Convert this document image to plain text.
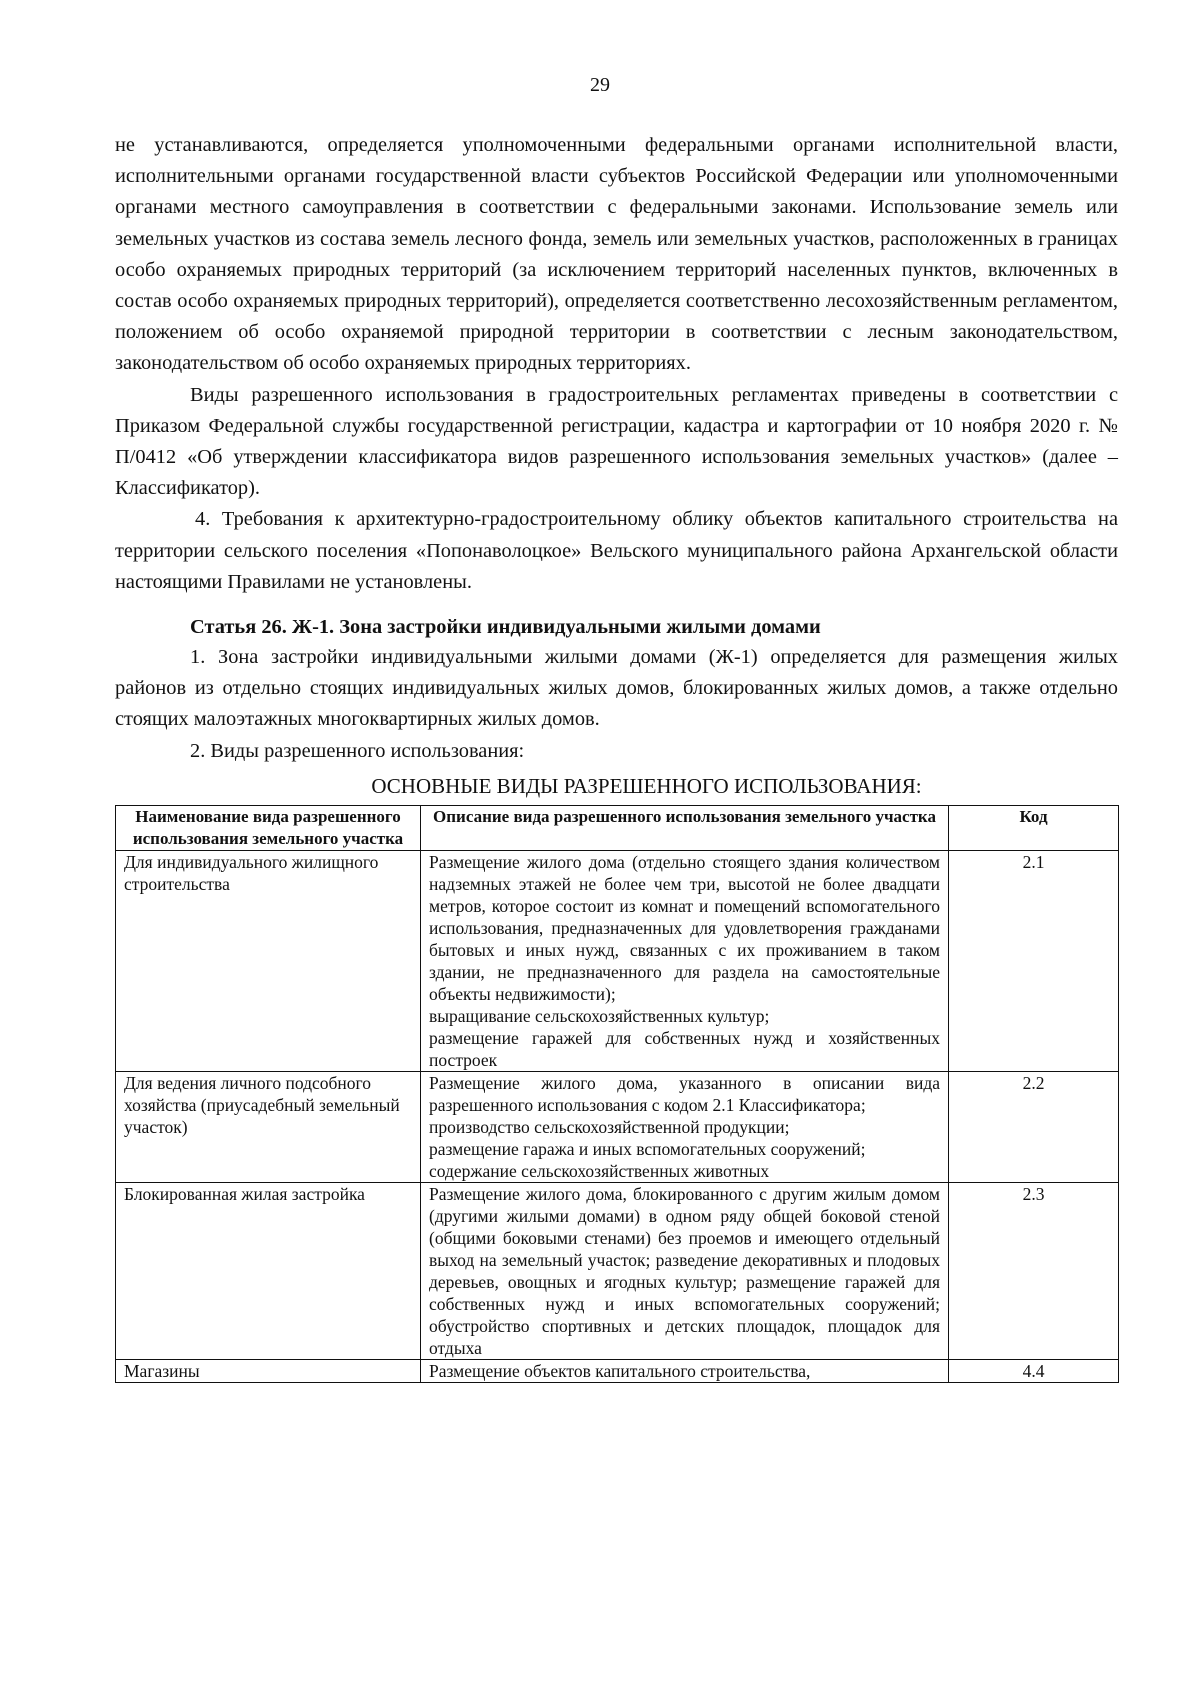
29

не устанавливаются, определяется уполномоченными федеральными органами исполнительной власти, исполнительными органами государственной власти субъектов Российской Федерации или уполномоченными органами местного самоуправления в соответствии с федеральными законами. Использование земель или земельных участков из состава земель лесного фонда, земель или земельных участков, расположенных в границах особо охраняемых природных территорий (за исключением территорий населенных пунктов, включенных в состав особо охраняемых природных территорий), определяется соответственно лесохозяйственным регламентом, положением об особо охраняемой природной территории в соответствии с лесным законодательством, законодательством об особо охраняемых природных территориях.

Виды разрешенного использования в градостроительных регламентах приведены в соответствии с Приказом Федеральной службы государственной регистрации, кадастра и картографии от 10 ноября 2020 г. № П/0412 «Об утверждении классификатора видов разрешенного использования земельных участков» (далее – Классификатор).

4. Требования к архитектурно-градостроительному облику объектов капитального строительства на территории сельского поселения «Попонаволоцкое» Вельского муниципального района Архангельской области настоящими Правилами не установлены.

Статья 26. Ж-1. Зона застройки индивидуальными жилыми домами

1. Зона застройки индивидуальными жилыми домами (Ж-1) определяется для размещения жилых районов из отдельно стоящих индивидуальных жилых домов, блокированных жилых домов, а также отдельно стоящих малоэтажных многоквартирных жилых домов.

2. Виды разрешенного использования:

ОСНОВНЫЕ ВИДЫ РАЗРЕШЕННОГО ИСПОЛЬЗОВАНИЯ:
Наименование вида разрешенного использования земельного участка	Описание вида разрешенного использования земельного участка	Код
Для индивидуального жилищного строительства	Размещение жилого дома (отдельно стоящего здания количеством надземных этажей не более чем три, высотой не более двадцати метров, которое состоит из комнат и помещений вспомогательного использования, предназначенных для удовлетворения гражданами бытовых и иных нужд, связанных с их проживанием в таком здании, не предназначенного для раздела на самостоятельные объекты недвижимости);
выращивание сельскохозяйственных культур;
размещение гаражей для собственных нужд и хозяйственных построек	2.1
Для ведения личного подсобного хозяйства (приусадебный земельный участок)	Размещение жилого дома, указанного в описании вида разрешенного использования с кодом 2.1 Классификатора;
производство сельскохозяйственной продукции;
размещение гаража и иных вспомогательных сооружений;
содержание сельскохозяйственных животных	2.2
Блокированная жилая застройка	Размещение жилого дома, блокированного с другим жилым домом (другими жилыми домами) в одном ряду общей боковой стеной (общими боковыми стенами) без проемов и имеющего отдельный выход на земельный участок; разведение декоративных и плодовых деревьев, овощных и ягодных культур; размещение гаражей для собственных нужд и иных вспомогательных сооружений; обустройство спортивных и детских площадок, площадок для отдыха	2.3
Магазины	Размещение объектов капитального строительства,	4.4
